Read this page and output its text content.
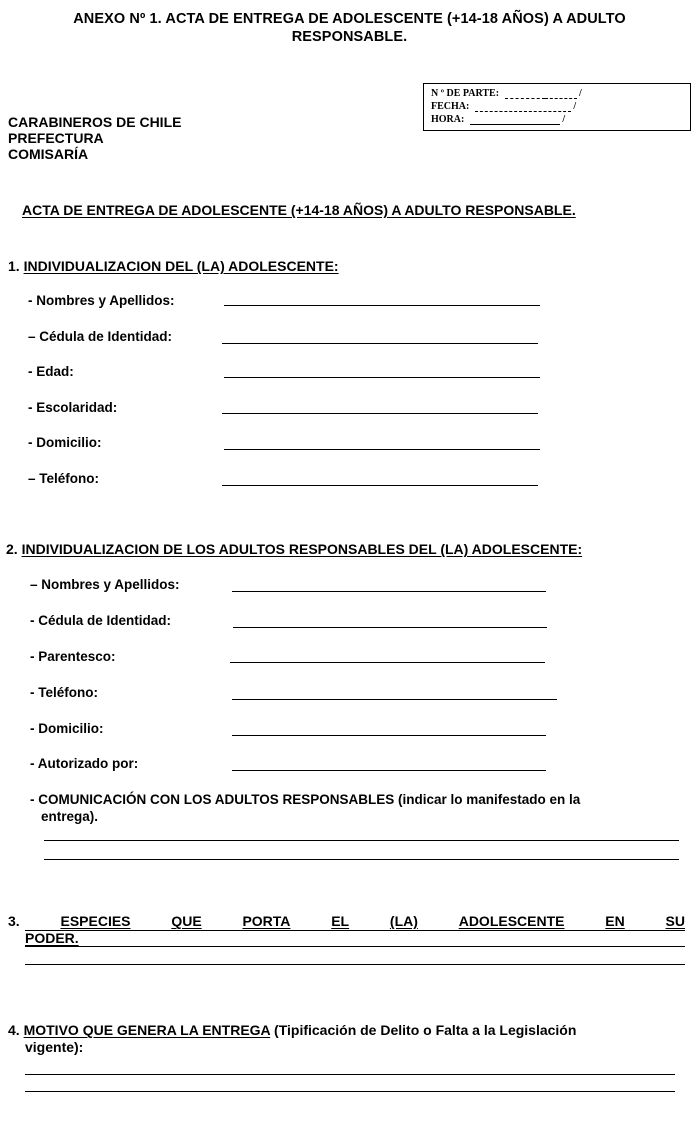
ANEXO Nº 1. ACTA DE ENTREGA DE ADOLESCENTE (+14-18 AÑOS) A ADULTO
RESPONSABLE.
CARABINEROS DE CHILE
PREFECTURA
COMISARÍA
N º DE PARTE:	/
FECHA:	/
HORA:	/
ACTA DE ENTREGA DE ADOLESCENTE (+14-18 AÑOS) A ADULTO RESPONSABLE.
1. INDIVIDUALIZACION DEL (LA) ADOLESCENTE:
- Nombres y Apellidos:
– Cédula de Identidad:
- Edad:
- Escolaridad:
- Domicilio:
– Teléfono:
2. INDIVIDUALIZACION DE LOS ADULTOS RESPONSABLES DEL (LA) ADOLESCENTE:
– Nombres y Apellidos:
- Cédula de Identidad:
- Parentesco:
- Teléfono:
- Domicilio:
- Autorizado por:
- COMUNICACIÓN CON LOS ADULTOS RESPONSABLES (indicar lo manifestado en la
entrega).
3.	ESPECIES	QUE	PORTA	EL	(LA)	ADOLESCENTE	EN	SU
PODER.
4. MOTIVO QUE GENERA LA ENTREGA (Tipificación de Delito o Falta a la Legislación
vigente):
